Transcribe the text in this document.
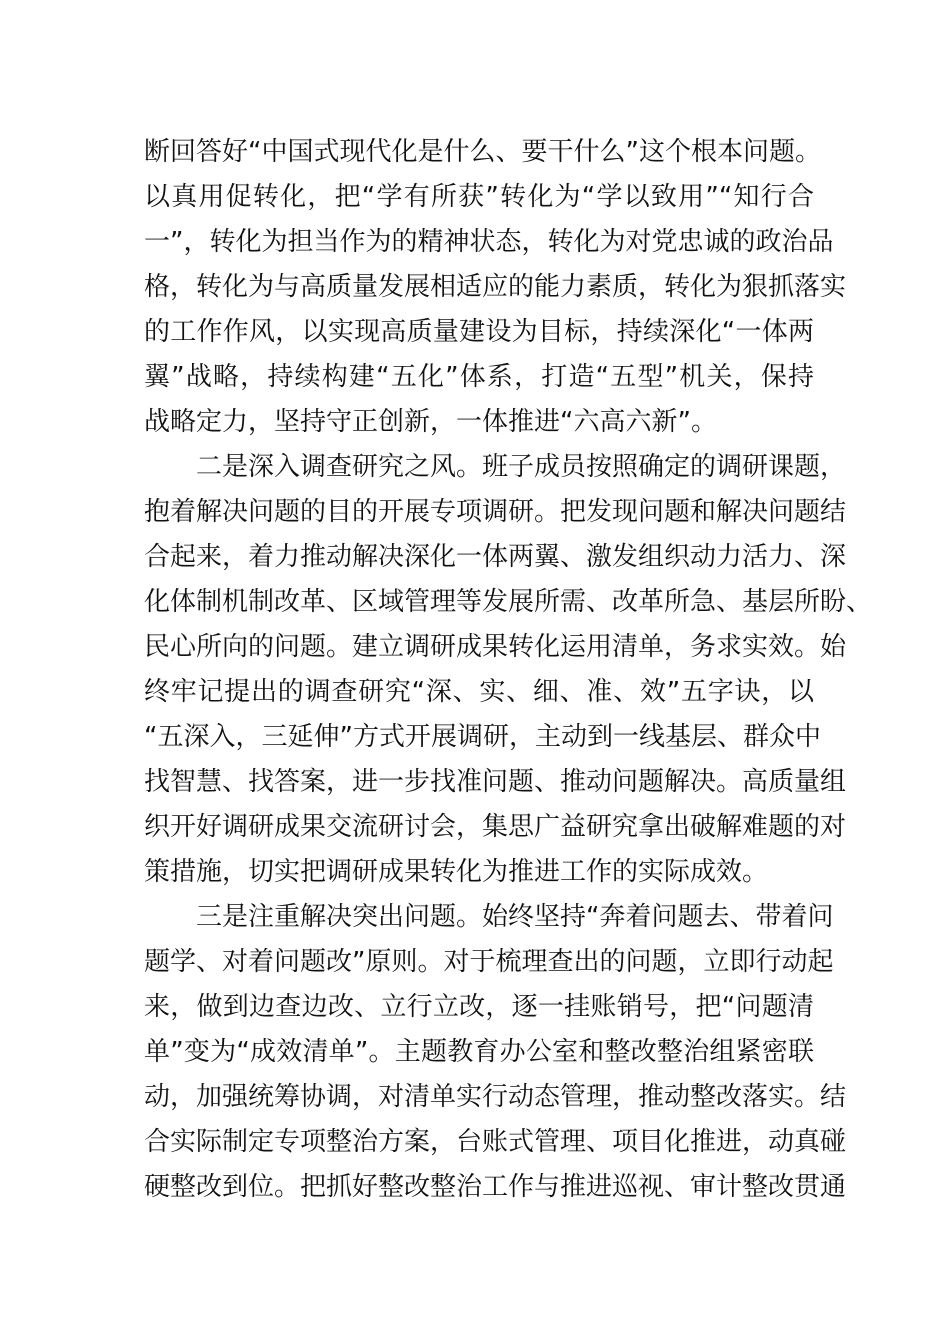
断回答好“中国式现代化是什么、要干什么”这个根本问题。
以真用促转化，把“学有所获”转化为“学以致用”“知行合
一”，转化为担当作为的精神状态，转化为对党忠诚的政治品
格，转化为与高质量发展相适应的能力素质，转化为狠抓落实
的工作作风，以实现高质量建设为目标，持续深化“一体两
翼”战略，持续构建“五化”体系，打造“五型”机关，保持
战略定力，坚持守正创新，一体推进“六高六新”。
二是深入调查研究之风。班子成员按照确定的调研课题，
抱着解决问题的目的开展专项调研。把发现问题和解决问题结
合起来，着力推动解决深化一体两翼、激发组织动力活力、深
化体制机制改革、区域管理等发展所需、改革所急、基层所盼、
民心所向的问题。建立调研成果转化运用清单，务求实效。始
终牢记提出的调查研究“深、实、细、准、效”五字诀，以
“五深入，三延伸”方式开展调研，主动到一线基层、群众中
找智慧、找答案，进一步找准问题、推动问题解决。高质量组
织开好调研成果交流研讨会，集思广益研究拿出破解难题的对
策措施，切实把调研成果转化为推进工作的实际成效。
三是注重解决突出问题。始终坚持“奔着问题去、带着问
题学、对着问题改”原则。对于梳理查出的问题，立即行动起
来，做到边查边改、立行立改，逐一挂账销号，把“问题清
单”变为“成效清单”。主题教育办公室和整改整治组紧密联
动，加强统筹协调，对清单实行动态管理，推动整改落实。结
合实际制定专项整治方案，台账式管理、项目化推进，动真碰
硬整改到位。把抓好整改整治工作与推进巡视、审计整改贯通
